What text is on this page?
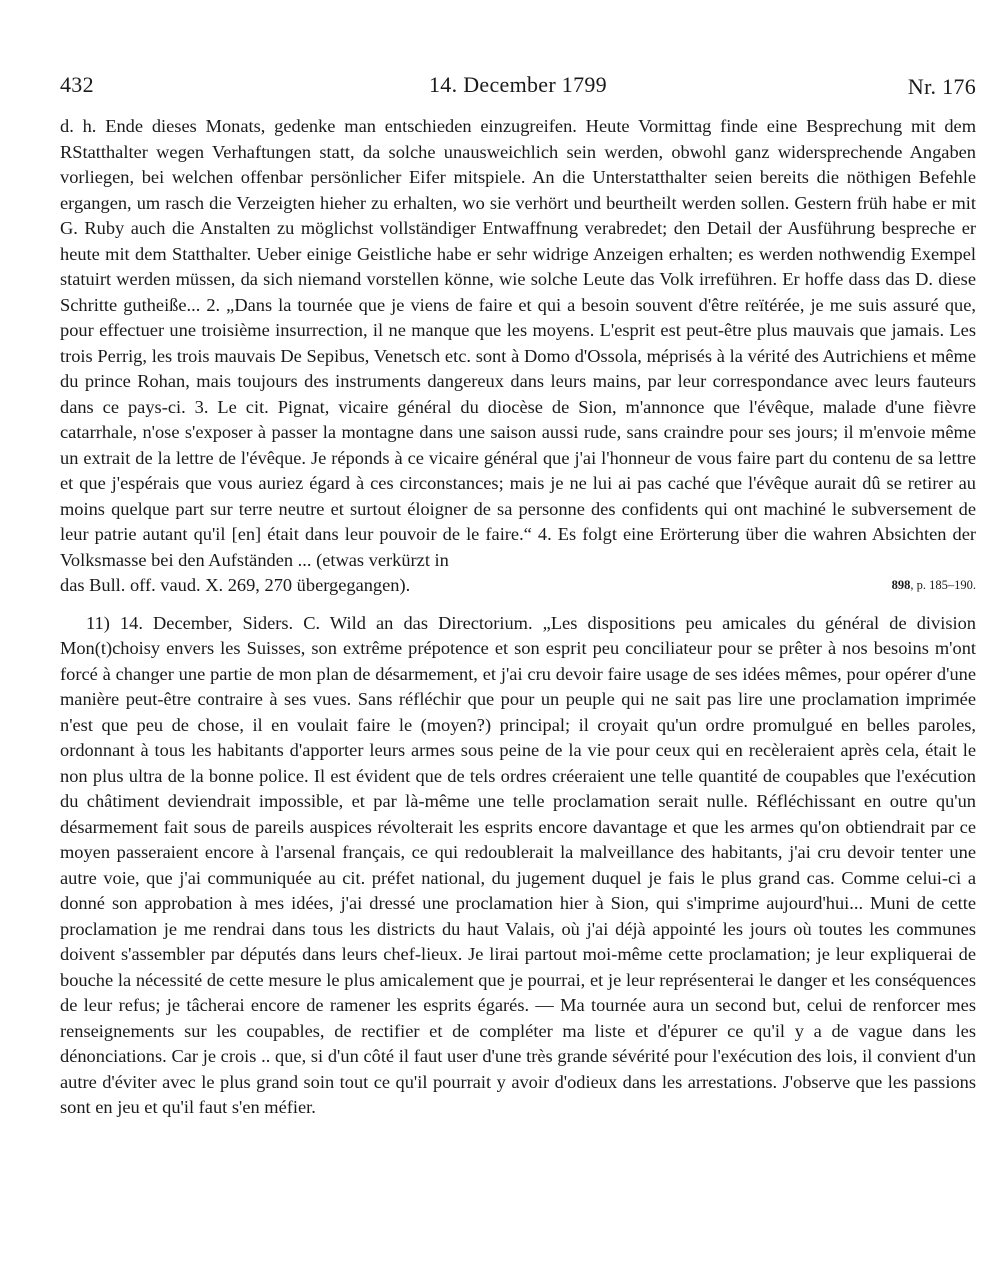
432	14. December 1799	Nr. 176

d. h. Ende dieses Monats, gedenke man entschieden einzugreifen. Heute Vormittag finde eine Besprechung mit dem RStatthalter wegen Verhaftungen statt, da solche unausweichlich sein werden, obwohl ganz widersprechende Angaben vorliegen, bei welchen offenbar persönlicher Eifer mitspiele. An die Unterstatthalter seien bereits die nöthigen Befehle ergangen, um rasch die Verzeigten hieher zu erhalten, wo sie verhört und beurtheilt werden sollen. Gestern früh habe er mit G. Ruby auch die Anstalten zu möglichst vollständiger Entwaffnung verabredet; den Detail der Ausführung bespreche er heute mit dem Statthalter. Ueber einige Geistliche habe er sehr widrige Anzeigen erhalten; es werden nothwendig Exempel statuirt werden müssen, da sich niemand vorstellen könne, wie solche Leute das Volk irreführen. Er hoffe dass das D. diese Schritte gutheiße... 2. „Dans la tournée que je viens de faire et qui a besoin souvent d'être reïtérée, je me suis assuré que, pour effectuer une troisième insurrection, il ne manque que les moyens. L'esprit est peut-être plus mauvais que jamais. Les trois Perrig, les trois mauvais De Sepibus, Venetsch etc. sont à Domo d'Ossola, méprisés à la vérité des Autrichiens et même du prince Rohan, mais toujours des instruments dangereux dans leurs mains, par leur correspondance avec leurs fauteurs dans ce pays-ci. 3. Le cit. Pignat, vicaire général du diocèse de Sion, m'annonce que l'évêque, malade d'une fièvre catarrhale, n'ose s'exposer à passer la montagne dans une saison aussi rude, sans craindre pour ses jours; il m'envoie même un extrait de la lettre de l'évêque. Je réponds à ce vicaire général que j'ai l'honneur de vous faire part du contenu de sa lettre et que j'espérais que vous auriez égard à ces circonstances; mais je ne lui ai pas caché que l'évêque aurait dû se retirer au moins quelque part sur terre neutre et surtout éloigner de sa personne des confidents qui ont machiné le subversement de leur patrie autant qu'il [en] était dans leur pouvoir de le faire.“ 4. Es folgt eine Erörterung über die wahren Absichten der Volksmasse bei den Aufständen ... (etwas verkürzt in

das Bull. off. vaud. X. 269, 270 übergegangen).	898, p. 185–190.

11) 14. December, Siders. C. Wild an das Directorium. „Les dispositions peu amicales du général de division Mon(t)choisy envers les Suisses, son extrême prépotence et son esprit peu conciliateur pour se prêter à nos besoins m'ont forcé à changer une partie de mon plan de désarmement, et j'ai cru devoir faire usage de ses idées mêmes, pour opérer d'une manière peut-être contraire à ses vues. Sans réfléchir que pour un peuple qui ne sait pas lire une proclamation imprimée n'est que peu de chose, il en voulait faire le (moyen?) principal; il croyait qu'un ordre promulgué en belles paroles, ordonnant à tous les habitants d'apporter leurs armes sous peine de la vie pour ceux qui en recèleraient après cela, était le non plus ultra de la bonne police. Il est évident que de tels ordres créeraient une telle quantité de coupables que l'exécution du châtiment deviendrait impossible, et par là-même une telle proclamation serait nulle. Réfléchissant en outre qu'un désarmement fait sous de pareils auspices révolterait les esprits encore davantage et que les armes qu'on obtiendrait par ce moyen passeraient encore à l'arsenal français, ce qui redoublerait la malveillance des habitants, j'ai cru devoir tenter une autre voie, que j'ai communiquée au cit. préfet national, du jugement duquel je fais le plus grand cas. Comme celui-ci a donné son approbation à mes idées, j'ai dressé une proclamation hier à Sion, qui s'imprime aujourd'hui... Muni de cette proclamation je me rendrai dans tous les districts du haut Valais, où j'ai déjà appointé les jours où toutes les communes doivent s'assembler par députés dans leurs chef-lieux. Je lirai partout moi-même cette proclamation; je leur expliquerai de bouche la nécessité de cette mesure le plus amicalement que je pourrai, et je leur représenterai le danger et les conséquences de leur refus; je tâcherai encore de ramener les esprits égarés. — Ma tournée aura un second but, celui de renforcer mes renseignements sur les coupables, de rectifier et de compléter ma liste et d'épurer ce qu'il y a de vague dans les dénonciations. Car je crois .. que, si d'un côté il faut user d'une très grande sévérité pour l'exécution des lois, il convient d'un autre d'éviter avec le plus grand soin tout ce qu'il pourrait y avoir d'odieux dans les arrestations. J'observe que les passions sont en jeu et qu'il faut s'en méfier.
